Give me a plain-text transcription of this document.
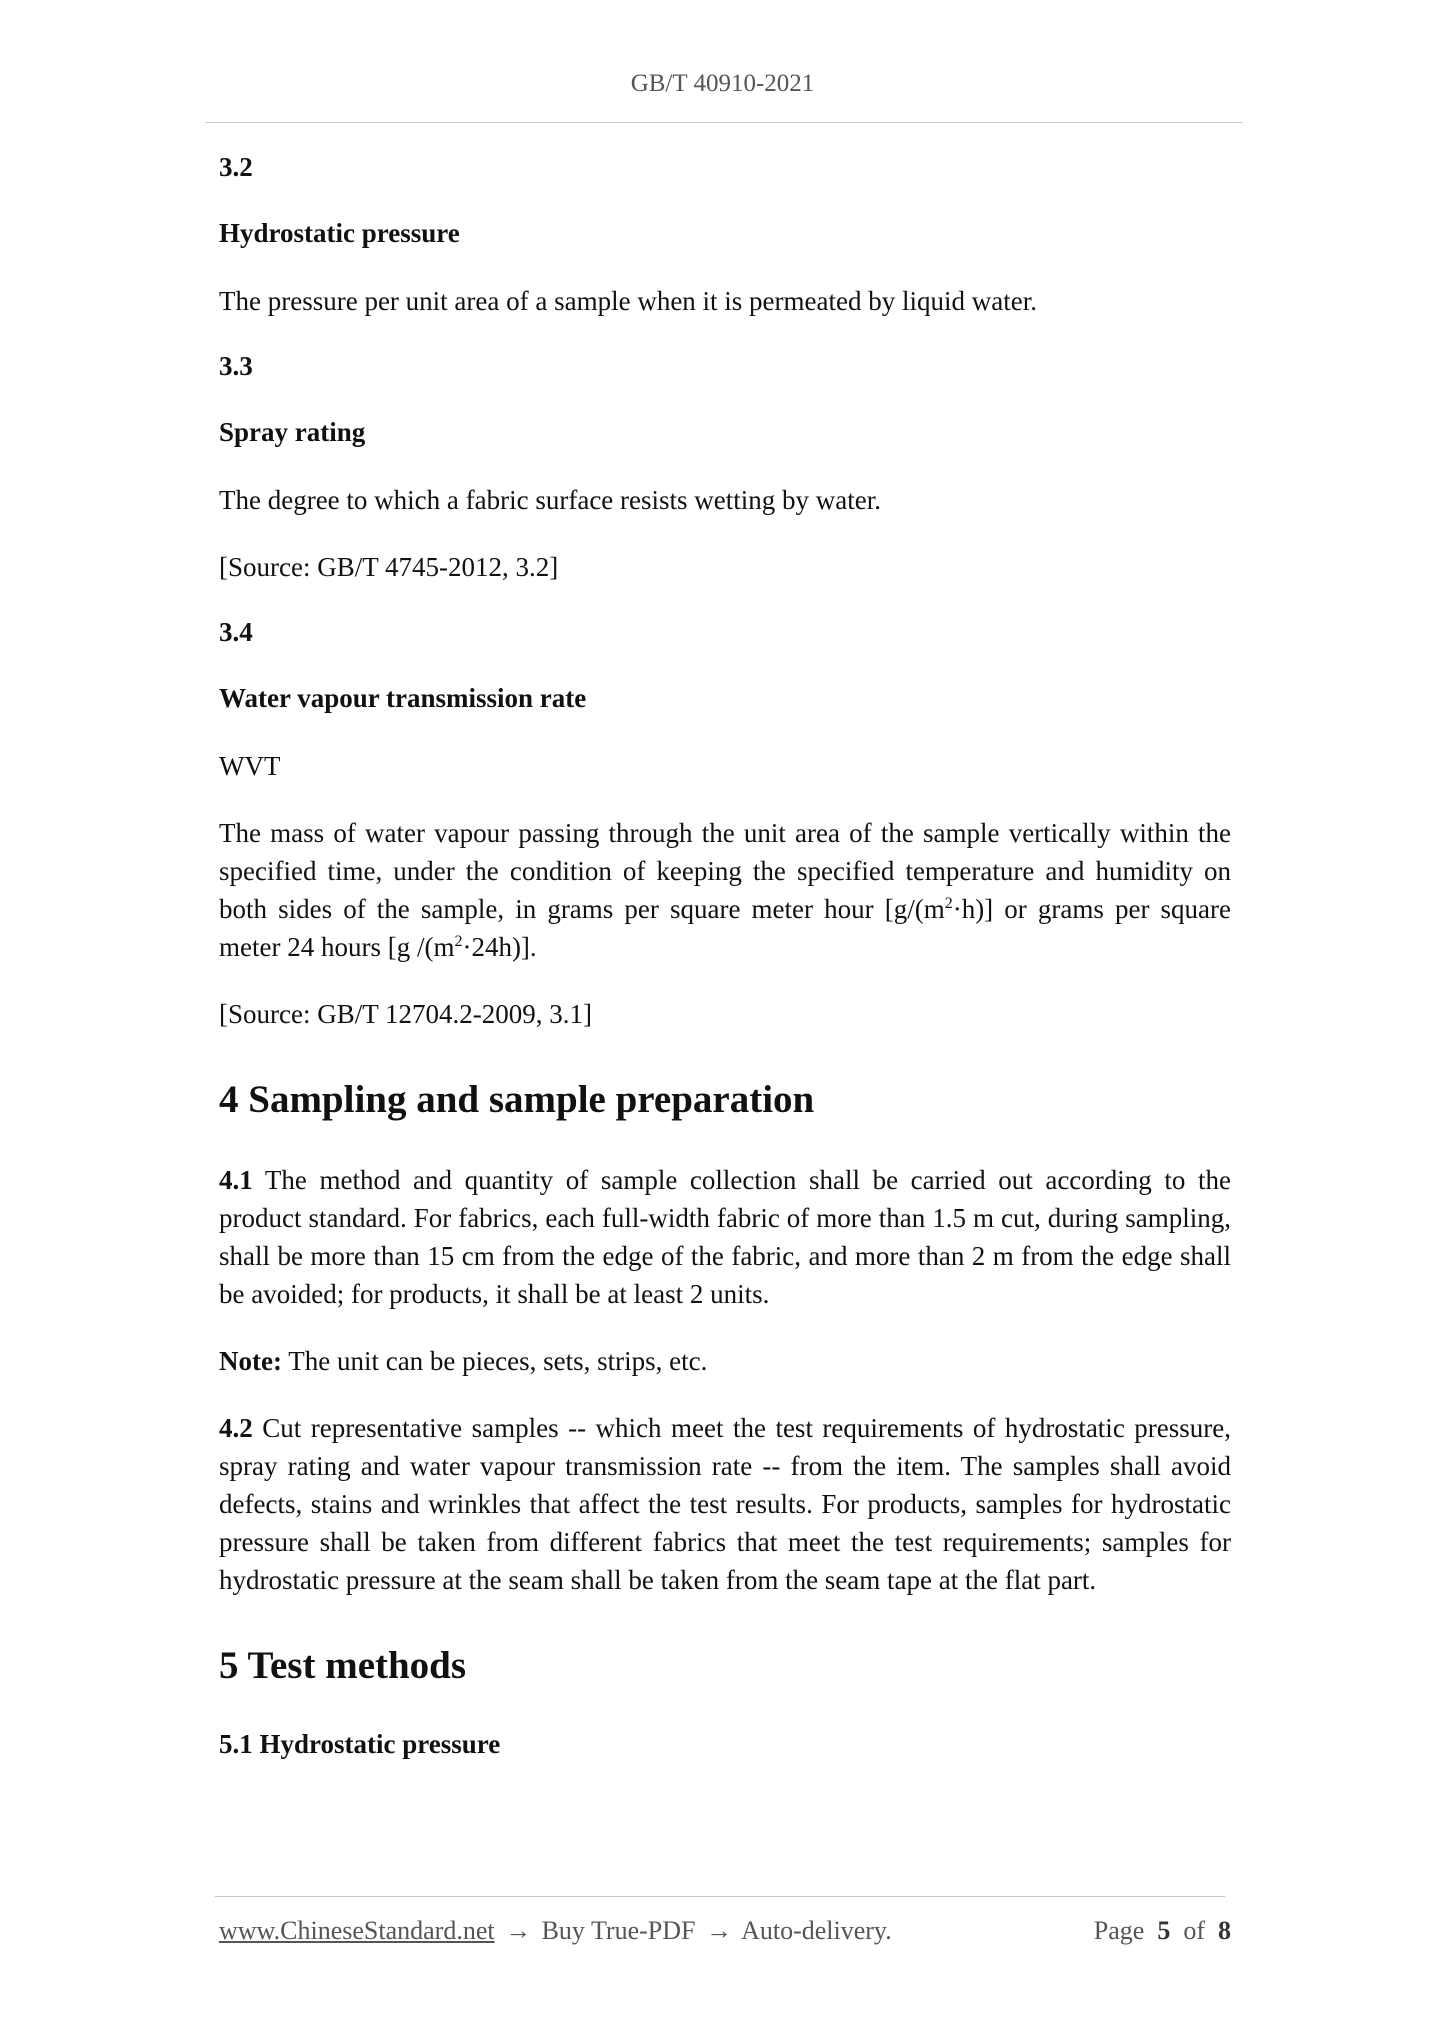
GB/T 40910-2021

3.2

Hydrostatic pressure

The pressure per unit area of a sample when it is permeated by liquid water.

3.3

Spray rating

The degree to which a fabric surface resists wetting by water.

[Source: GB/T 4745-2012, 3.2]

3.4

Water vapour transmission rate

WVT

The mass of water vapour passing through the unit area of the sample vertically within the specified time, under the condition of keeping the specified temperature and humidity on both sides of the sample, in grams per square meter hour $[g/(m^2\cdot h)]$ or grams per square meter 24 hours [g $/(m^2\cdot 24h)$].

[Source: GB/T 12704.2-2009, 3.1]

4 Sampling and sample preparation

4.1 The method and quantity of sample collection shall be carried out according to the product standard. For fabrics, each full-width fabric of more than 1.5 m cut, during sampling, shall be more than 15 cm from the edge of the fabric, and more than 2 m from the edge shall be avoided; for products, it shall be at least 2 units.

Note: The unit can be pieces, sets, strips, etc.

4.2 Cut representative samples -- which meet the test requirements of hydrostatic pressure, spray rating and water vapour transmission rate -- from the item. The samples shall avoid defects, stains and wrinkles that affect the test results. For products, samples for hydrostatic pressure shall be taken from different fabrics that meet the test requirements; samples for hydrostatic pressure at the seam shall be taken from the seam tape at the flat part.

5 Test methods

5.1 Hydrostatic pressure

www.ChineseStandard.net → Buy True-PDF → Auto-delivery.	Page 5 of 8
